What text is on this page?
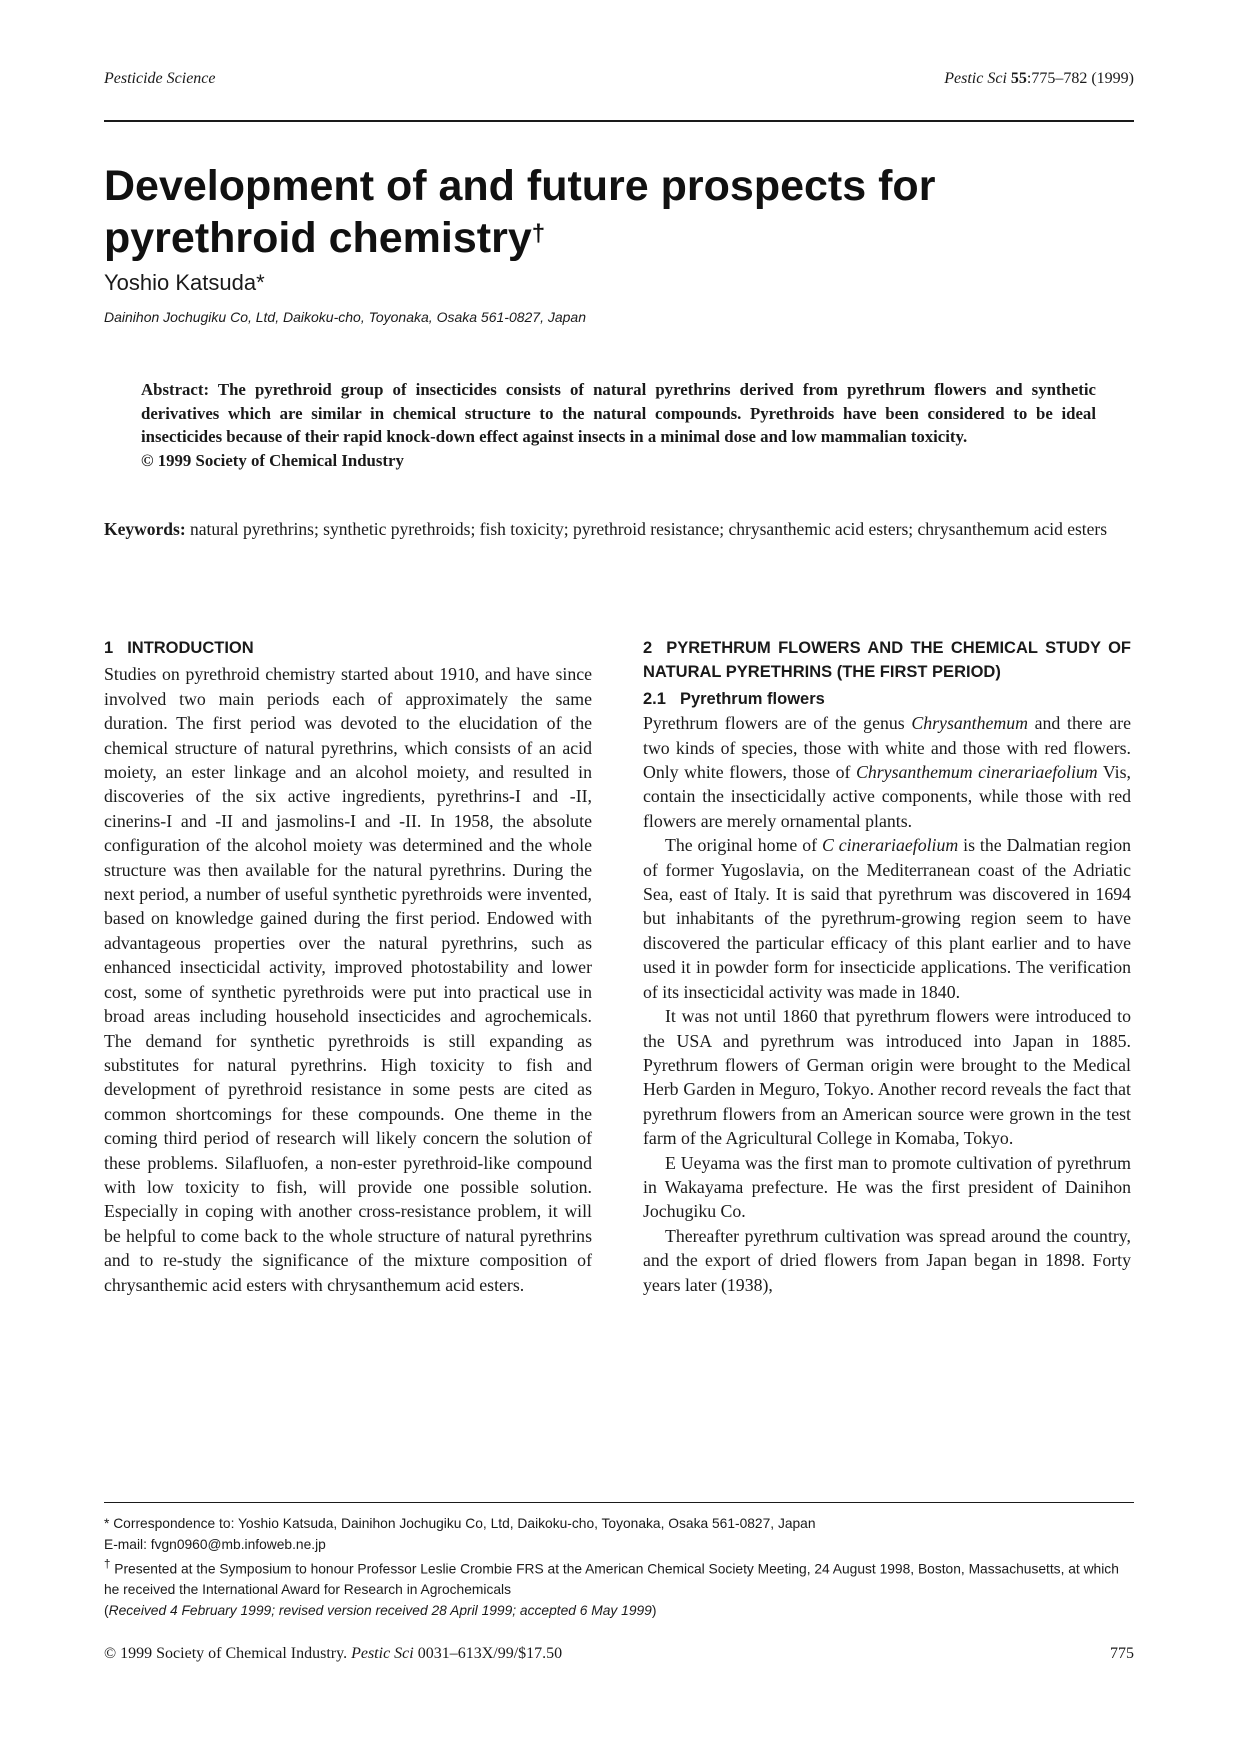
Pesticide Science	Pestic Sci 55:775–782 (1999)
Development of and future prospects for pyrethroid chemistry†
Yoshio Katsuda*
Dainihon Jochugiku Co, Ltd, Daikoku-cho, Toyonaka, Osaka 561-0827, Japan

Abstract: The pyrethroid group of insecticides consists of natural pyrethrins derived from pyrethrum flowers and synthetic derivatives which are similar in chemical structure to the natural compounds. Pyrethroids have been considered to be ideal insecticides because of their rapid knock-down effect against insects in a minimal dose and low mammalian toxicity.

© 1999 Society of Chemical Industry

Keywords: natural pyrethrins; synthetic pyrethroids; fish toxicity; pyrethroid resistance; chrysanthemic acid esters; chrysanthemum acid esters
1 INTRODUCTION

Studies on pyrethroid chemistry started about 1910, and have since involved two main periods each of approximately the same duration. The first period was devoted to the elucidation of the chemical structure of natural pyrethrins, which consists of an acid moiety, an ester linkage and an alcohol moiety, and resulted in discoveries of the six active ingredients, pyrethrins-I and -II, cinerins-I and -II and jasmolins-I and -II. In 1958, the absolute configuration of the alcohol moiety was determined and the whole structure was then available for the natural pyrethrins. During the next period, a number of useful synthetic pyrethroids were invented, based on knowledge gained during the first period. Endowed with advantageous properties over the natural pyrethrins, such as enhanced insecticidal activity, improved photostability and lower cost, some of synthetic pyrethroids were put into practical use in broad areas including household insecticides and agrochemicals. The demand for synthetic pyrethroids is still expanding as substitutes for natural pyrethrins. High toxicity to fish and development of pyrethroid resistance in some pests are cited as common shortcomings for these compounds. One theme in the coming third period of research will likely concern the solution of these problems. Silafluofen, a non-ester pyrethroid-like compound with low toxicity to fish, will provide one possible solution. Especially in coping with another cross-resistance problem, it will be helpful to come back to the whole structure of natural pyrethrins and to re-study the significance of the mixture composition of chrysanthemic acid esters with chrysanthemum acid esters.

2 PYRETHRUM FLOWERS AND THE CHEMICAL STUDY OF NATURAL PYRETHRINS (THE FIRST PERIOD)
2.1 Pyrethrum flowers

Pyrethrum flowers are of the genus Chrysanthemum and there are two kinds of species, those with white and those with red flowers. Only white flowers, those of Chrysanthemum cinerariaefolium Vis, contain the insecticidally active components, while those with red flowers are merely ornamental plants.

The original home of C cinerariaefolium is the Dalmatian region of former Yugoslavia, on the Mediterranean coast of the Adriatic Sea, east of Italy. It is said that pyrethrum was discovered in 1694 but inhabitants of the pyrethrum-growing region seem to have discovered the particular efficacy of this plant earlier and to have used it in powder form for insecticide applications. The verification of its insecticidal activity was made in 1840.

It was not until 1860 that pyrethrum flowers were introduced to the USA and pyrethrum was introduced into Japan in 1885. Pyrethrum flowers of German origin were brought to the Medical Herb Garden in Meguro, Tokyo. Another record reveals the fact that pyrethrum flowers from an American source were grown in the test farm of the Agricultural College in Komaba, Tokyo.

E Ueyama was the first man to promote cultivation of pyrethrum in Wakayama prefecture. He was the first president of Dainihon Jochugiku Co.

Thereafter pyrethrum cultivation was spread around the country, and the export of dried flowers from Japan began in 1898. Forty years later (1938),

* Correspondence to: Yoshio Katsuda, Dainihon Jochugiku Co, Ltd, Daikoku-cho, Toyonaka, Osaka 561-0827, Japan

E-mail: fvgn0960@mb.infoweb.ne.jp

† Presented at the Symposium to honour Professor Leslie Crombie FRS at the American Chemical Society Meeting, 24 August 1998, Boston, Massachusetts, at which he received the International Award for Research in Agrochemicals

(Received 4 February 1999; revised version received 28 April 1999; accepted 6 May 1999)

© 1999 Society of Chemical Industry. Pestic Sci 0031–613X/99/$17.50	775
